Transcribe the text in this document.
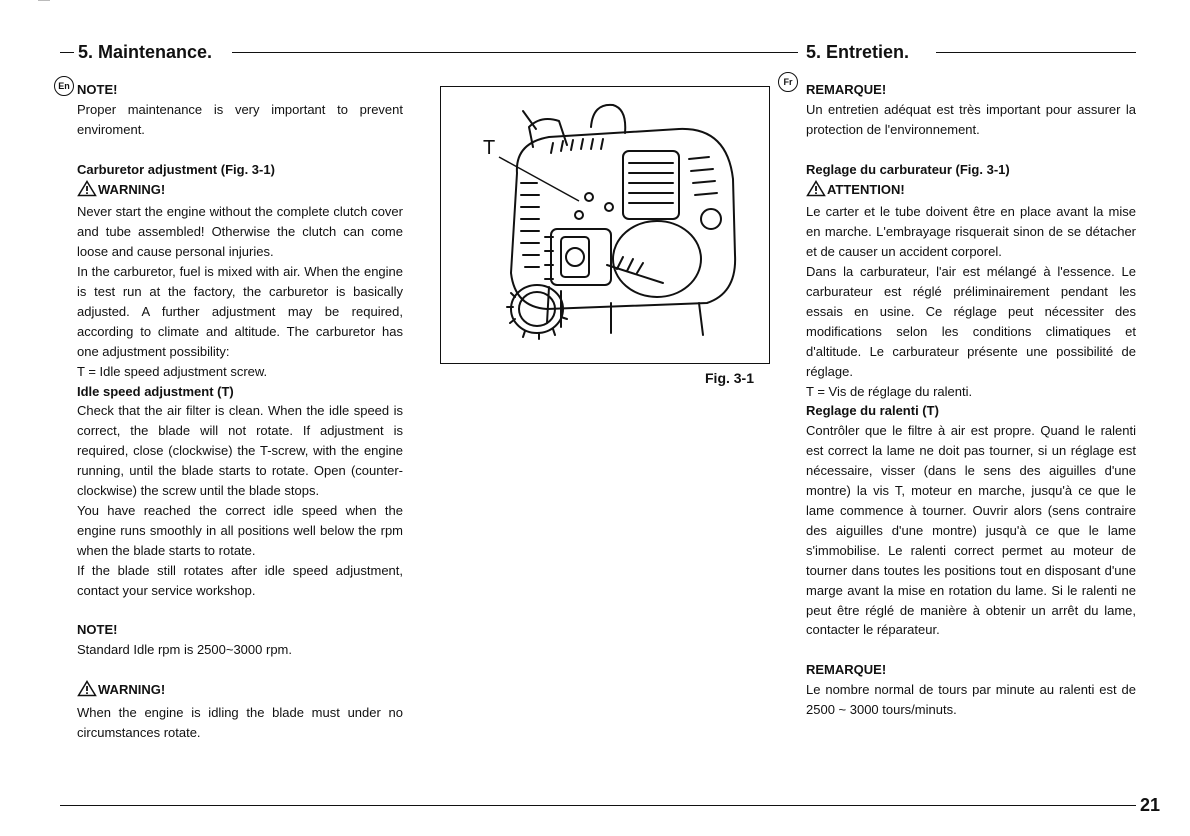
5. Maintenance.	5. Entretien.
En	Fr

NOTE!

Proper maintenance is very important to prevent enviroment.

Carburetor adjustment (Fig. 3-1)

WARNING!

Never start the engine without the complete clutch cover and tube assembled! Otherwise the clutch can come loose and cause personal injuries.

In the carburetor, fuel is mixed with air. When the engine is test run at the factory, the carburetor is basically adjusted. A further adjustment may be required, according to climate and altitude. The carburetor has one adjustment possibility:

T = Idle speed adjustment screw.

Idle speed adjustment (T)

Check that the air filter is clean. When the idle speed is correct, the blade will not rotate. If adjustment is required, close (clockwise) the T-screw, with the engine running, until the blade starts to rotate. Open (counter-clockwise) the screw until the blade stops.

You have reached the correct idle speed when the engine runs smoothly in all positions well below the rpm when the blade starts to rotate.

If the blade still rotates after idle speed adjustment, contact your service workshop.

NOTE!

Standard Idle rpm is 2500~3000 rpm.

WARNING!

When the engine is idling the blade must under no circumstances rotate.

T
Fig. 3-1

REMARQUE!

Un entretien adéquat est très important pour assurer la protection de l'environnement.

Reglage du carburateur (Fig. 3-1)

ATTENTION!

Le carter et le tube doivent être en place avant la mise en marche. L'embrayage risquerait sinon de se détacher et de causer un accident corporel.

Dans la carburateur, l'air est mélangé à l'essence. Le carburateur est réglé préliminairement pendant les essais en usine. Ce réglage peut nécessiter des modifications selon les conditions climatiques et d'altitude. Le carburateur présente une possibilité de réglage.

T = Vis de réglage du ralenti.

Reglage du ralenti (T)

Contrôler que le filtre à air est propre. Quand le ralenti est correct la lame ne doit pas tourner, si un réglage est nécessaire, visser (dans le sens des aiguilles d'une montre) la vis T, moteur en marche, jusqu'à ce que le lame commence à tourner. Ouvrir alors (sens contraire des aiguilles d'une montre) jusqu'à ce que le lame s'immobilise. Le ralenti correct permet au moteur de tourner dans toutes les positions tout en disposant d'une marge avant la mise en rotation du lame. Si le ralenti ne peut être réglé de manière à obtenir un arrêt du lame, contacter le réparateur.

REMARQUE!

Le nombre normal de tours par minute au ralenti est de 2500 ~ 3000 tours/minuts.

21
